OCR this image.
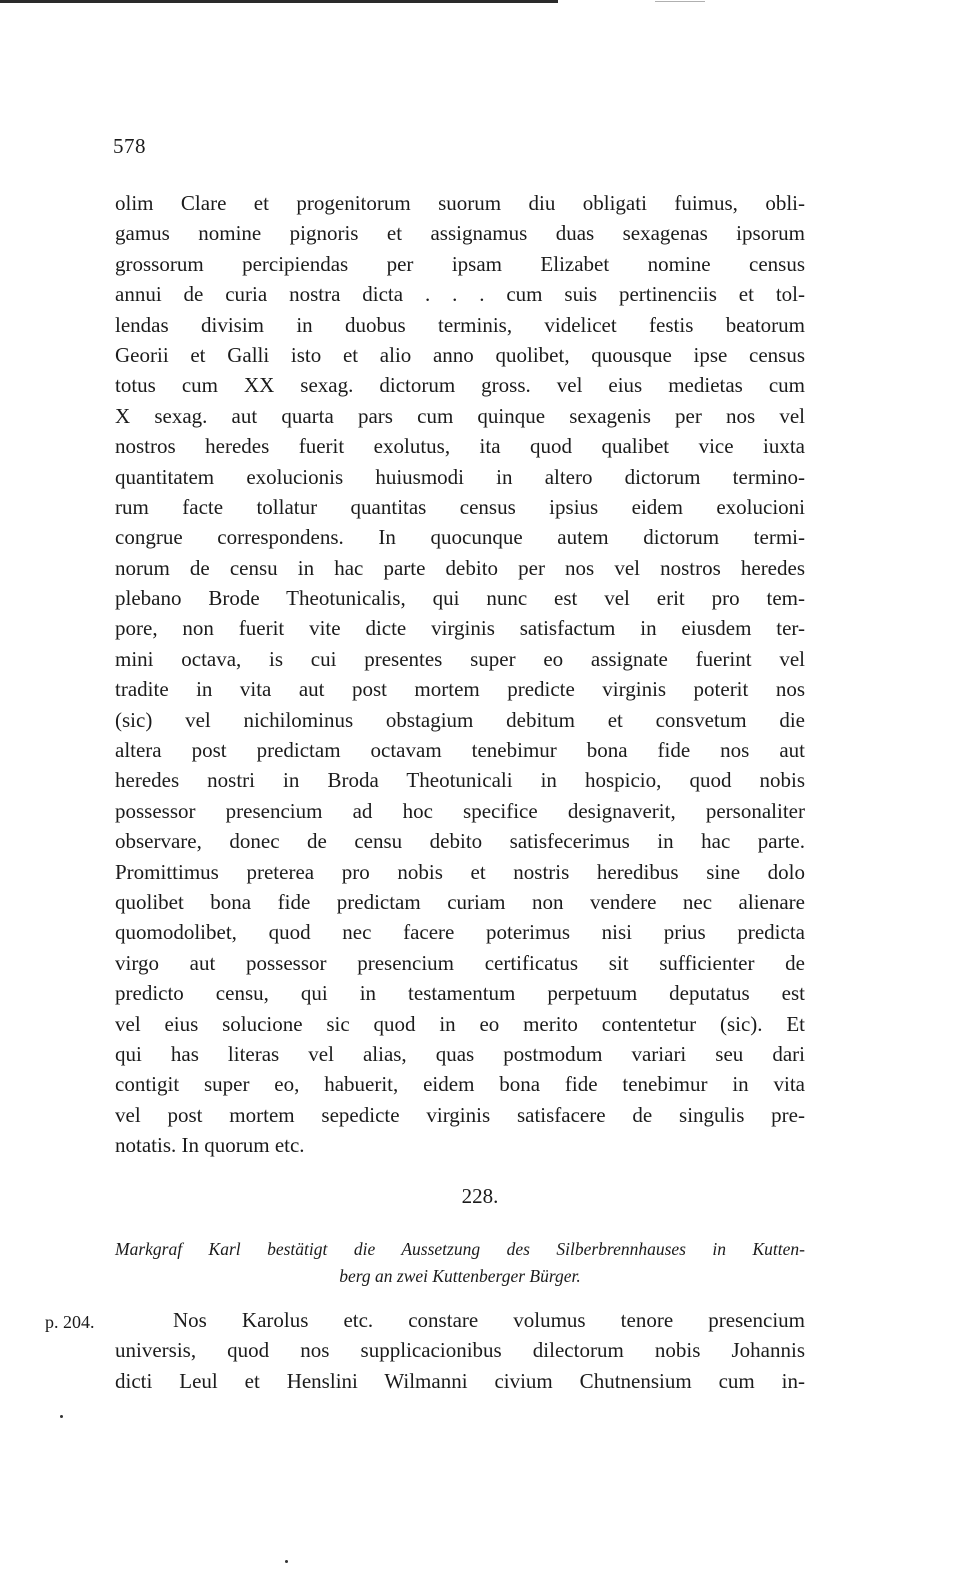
578
olim Clare et progenitorum suorum diu obligati fuimus, obli-
gamus nomine pignoris et assignamus duas sexagenas ipsorum
grossorum percipiendas per ipsam Elizabet nomine census
annui de curia nostra dicta . . . cum suis pertinenciis et tol-
lendas divisim in duobus terminis, videlicet festis beatorum
Georii et Galli isto et alio anno quolibet, quousque ipse census
totus cum XX sexag. dictorum gross. vel eius medietas cum
X sexag. aut quarta pars cum quinque sexagenis per nos vel
nostros heredes fuerit exolutus, ita quod qualibet vice iuxta
quantitatem exolucionis huiusmodi in altero dictorum termino-
rum facte tollatur quantitas census ipsius eidem exolucioni
congrue correspondens. In quocunque autem dictorum termi-
norum de censu in hac parte debito per nos vel nostros heredes
plebano Brode Theotunicalis, qui nunc est vel erit pro tem-
pore, non fuerit vite dicte virginis satisfactum in eiusdem ter-
mini octava, is cui presentes super eo assignate fuerint vel
tradite in vita aut post mortem predicte virginis poterit nos
(sic) vel nichilominus obstagium debitum et consvetum die
altera post predictam octavam tenebimur bona fide nos aut
heredes nostri in Broda Theotunicali in hospicio, quod nobis
possessor presencium ad hoc specifice designaverit, personaliter
observare, donec de censu debito satisfecerimus in hac parte.
Promittimus preterea pro nobis et nostris heredibus sine dolo
quolibet bona fide predictam curiam non vendere nec alienare
quomodolibet, quod nec facere poterimus nisi prius predicta
virgo aut possessor presencium certificatus sit sufficienter de
predicto censu, qui in testamentum perpetuum deputatus est
vel eius solucione sic quod in eo merito contentetur (sic). Et
qui has literas vel alias, quas postmodum variari seu dari
contigit super eo, habuerit, eidem bona fide tenebimur in vita
vel post mortem sepedicte virginis satisfacere de singulis pre-
notatis. In quorum etc.
228.
Markgraf Karl bestätigt die Aussetzung des Silberbrennhauses in Kutten-
berg an zwei Kuttenberger Bürger.
p. 204.	Nos Karolus etc. constare volumus tenore presencium
universis, quod nos supplicacionibus dilectorum nobis Johannis
dicti Leul et Henslini Wilmanni civium Chutnensium cum in-
